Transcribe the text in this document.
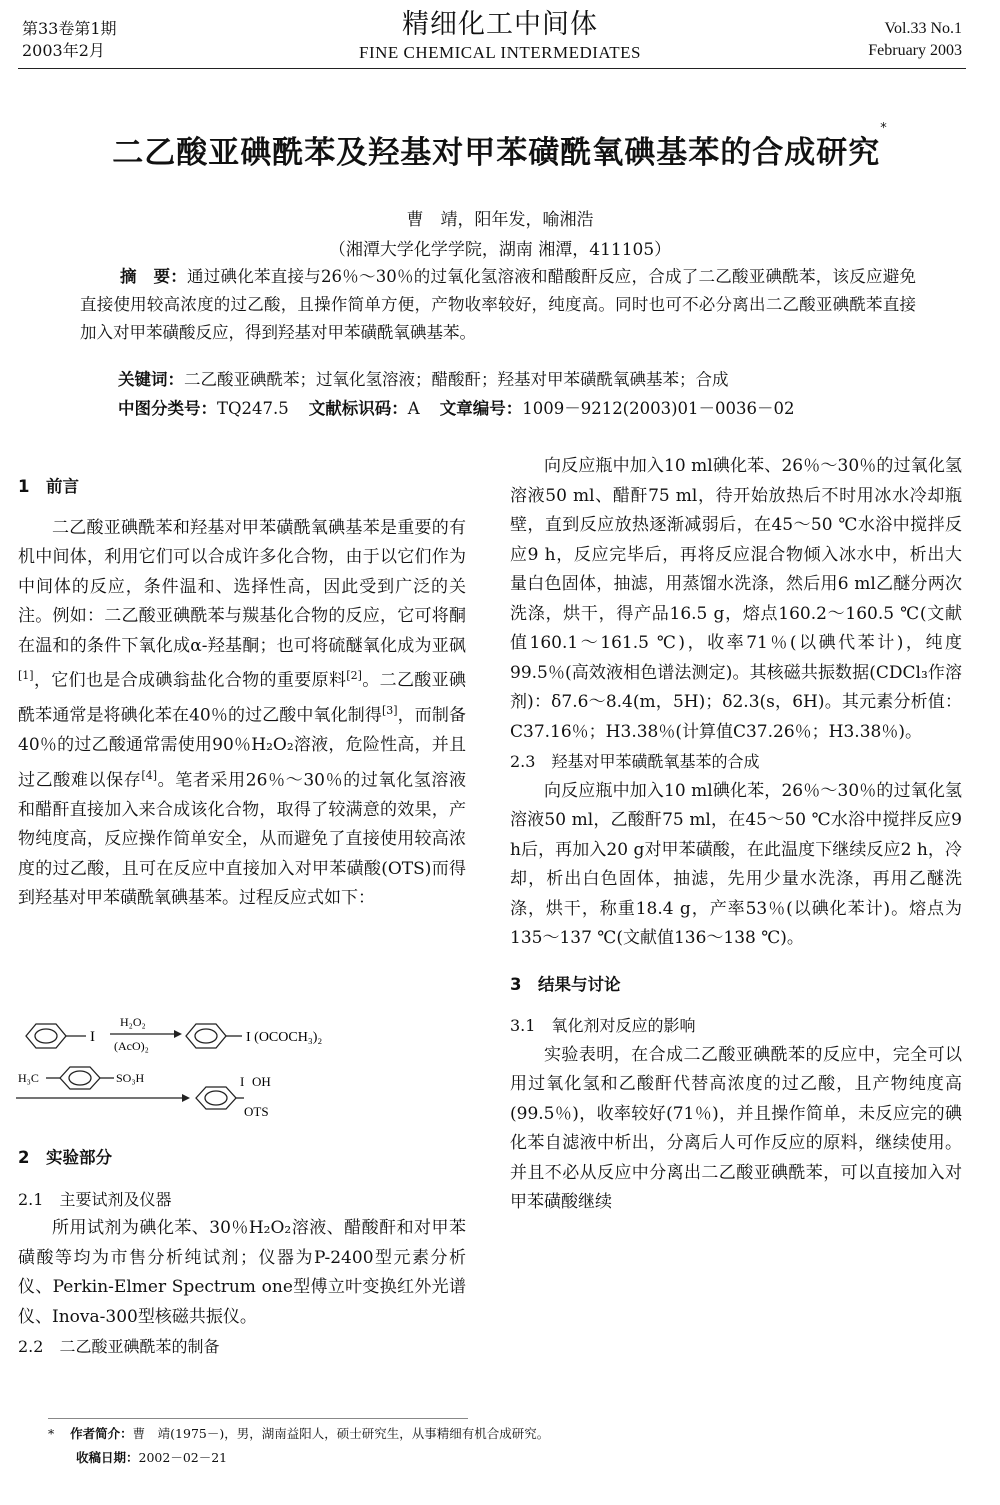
第33卷第1期
2003年2月
精细化工中间体
FINE CHEMICAL INTERMEDIATES
Vol.33 No.1
February 2003
二乙酸亚碘酰苯及羟基对甲苯磺酰氧碘基苯的合成研究*
曹　靖，阳年发，喻湘浩
（湘潭大学化学学院，湖南 湘潭，411105）
摘　要：通过碘化苯直接与26％～30％的过氧化氢溶液和醋酸酐反应，合成了二乙酸亚碘酰苯，该反应避免直接使用较高浓度的过乙酸，且操作简单方便，产物收率较好，纯度高。同时也可不必分离出二乙酸亚碘酰苯直接加入对甲苯磺酸反应，得到羟基对甲苯磺酰氧碘基苯。
关键词：二乙酸亚碘酰苯；过氧化氢溶液；醋酸酐；羟基对甲苯磺酰氧碘基苯；合成
中图分类号：TQ247.5 文献标识码：A 文章编号：1009－9212(2003)01－0036－02

1　前言

二乙酸亚碘酰苯和羟基对甲苯磺酰氧碘基苯是重要的有机中间体，利用它们可以合成许多化合物，由于以它们作为中间体的反应，条件温和、选择性高，因此受到广泛的关注。例如：二乙酸亚碘酰苯与羰基化合物的反应，它可将酮在温和的条件下氧化成α-羟基酮；也可将硫醚氧化成为亚砜[1]，它们也是合成碘翁盐化合物的重要原料[2]。二乙酸亚碘酰苯通常是将碘化苯在40％的过乙酸中氧化制得[3]，而制备40％的过乙酸通常需使用90％H₂O₂溶液，危险性高，并且过乙酸难以保存[4]。笔者采用26％～30％的过氧化氢溶液和醋酐直接加入来合成该化合物，取得了较满意的效果，产物纯度高，反应操作简单安全，从而避免了直接使用较高浓度的过乙酸，且可在反应中直接加入对甲苯磺酸(OTS)而得到羟基对甲苯磺酰氧碘基苯。过程反应式如下：

I
H₂O₂
(AcO)₂
I (OCOCH₃)₂
H₃C	SO₃H	I OH
OTS

2　实验部分

2.1　主要试剂及仪器

所用试剂为碘化苯、30％H₂O₂溶液、醋酸酐和对甲苯磺酸等均为市售分析纯试剂；仪器为P-2400型元素分析仪、Perkin-Elmer Spectrum one型傅立叶变换红外光谱仪、Inova-300型核磁共振仪。

2.2　二乙酸亚碘酰苯的制备

向反应瓶中加入10 ml碘化苯、26％～30％的过氧化氢溶液50 ml、醋酐75 ml，待开始放热后不时用冰水冷却瓶壁，直到反应放热逐渐减弱后，在45～50 ℃水浴中搅拌反应9 h，反应完毕后，再将反应混合物倾入冰水中，析出大量白色固体，抽滤，用蒸馏水洗涤，然后用6 ml乙醚分两次洗涤，烘干，得产品16.5 g，熔点160.2～160.5 ℃(文献值160.1～161.5 ℃)，收率71％(以碘代苯计)，纯度99.5％(高效液相色谱法测定)。其核磁共振数据(CDCl₃作溶剂)：δ7.6～8.4(m，5H)；δ2.3(s，6H)。其元素分析值：C37.16％；H3.38％(计算值C37.26％；H3.38％)。

2.3　羟基对甲苯磺酰氧基苯的合成

向反应瓶中加入10 ml碘化苯，26％～30％的过氧化氢溶液50 ml，乙酸酐75 ml，在45～50 ℃水浴中搅拌反应9 h后，再加入20 g对甲苯磺酸，在此温度下继续反应2 h，冷却，析出白色固体，抽滤，先用少量水洗涤，再用乙醚洗涤，烘干，称重18.4 g，产率53％(以碘化苯计)。熔点为135～137 ℃(文献值136～138 ℃)。

3　结果与讨论

3.1　氧化剂对反应的影响

实验表明，在合成二乙酸亚碘酰苯的反应中，完全可以用过氧化氢和乙酸酐代替高浓度的过乙酸，且产物纯度高(99.5％)，收率较好(71％)，并且操作简单，未反应完的碘化苯自滤液中析出，分离后人可作反应的原料，继续使用。并且不必从反应中分离出二乙酸亚碘酰苯，可以直接加入对甲苯磺酸继续

* 作者简介：曹　靖(1975－)，男，湖南益阳人，硕士研究生，从事精细有机合成研究。
收稿日期：2002－02－21
